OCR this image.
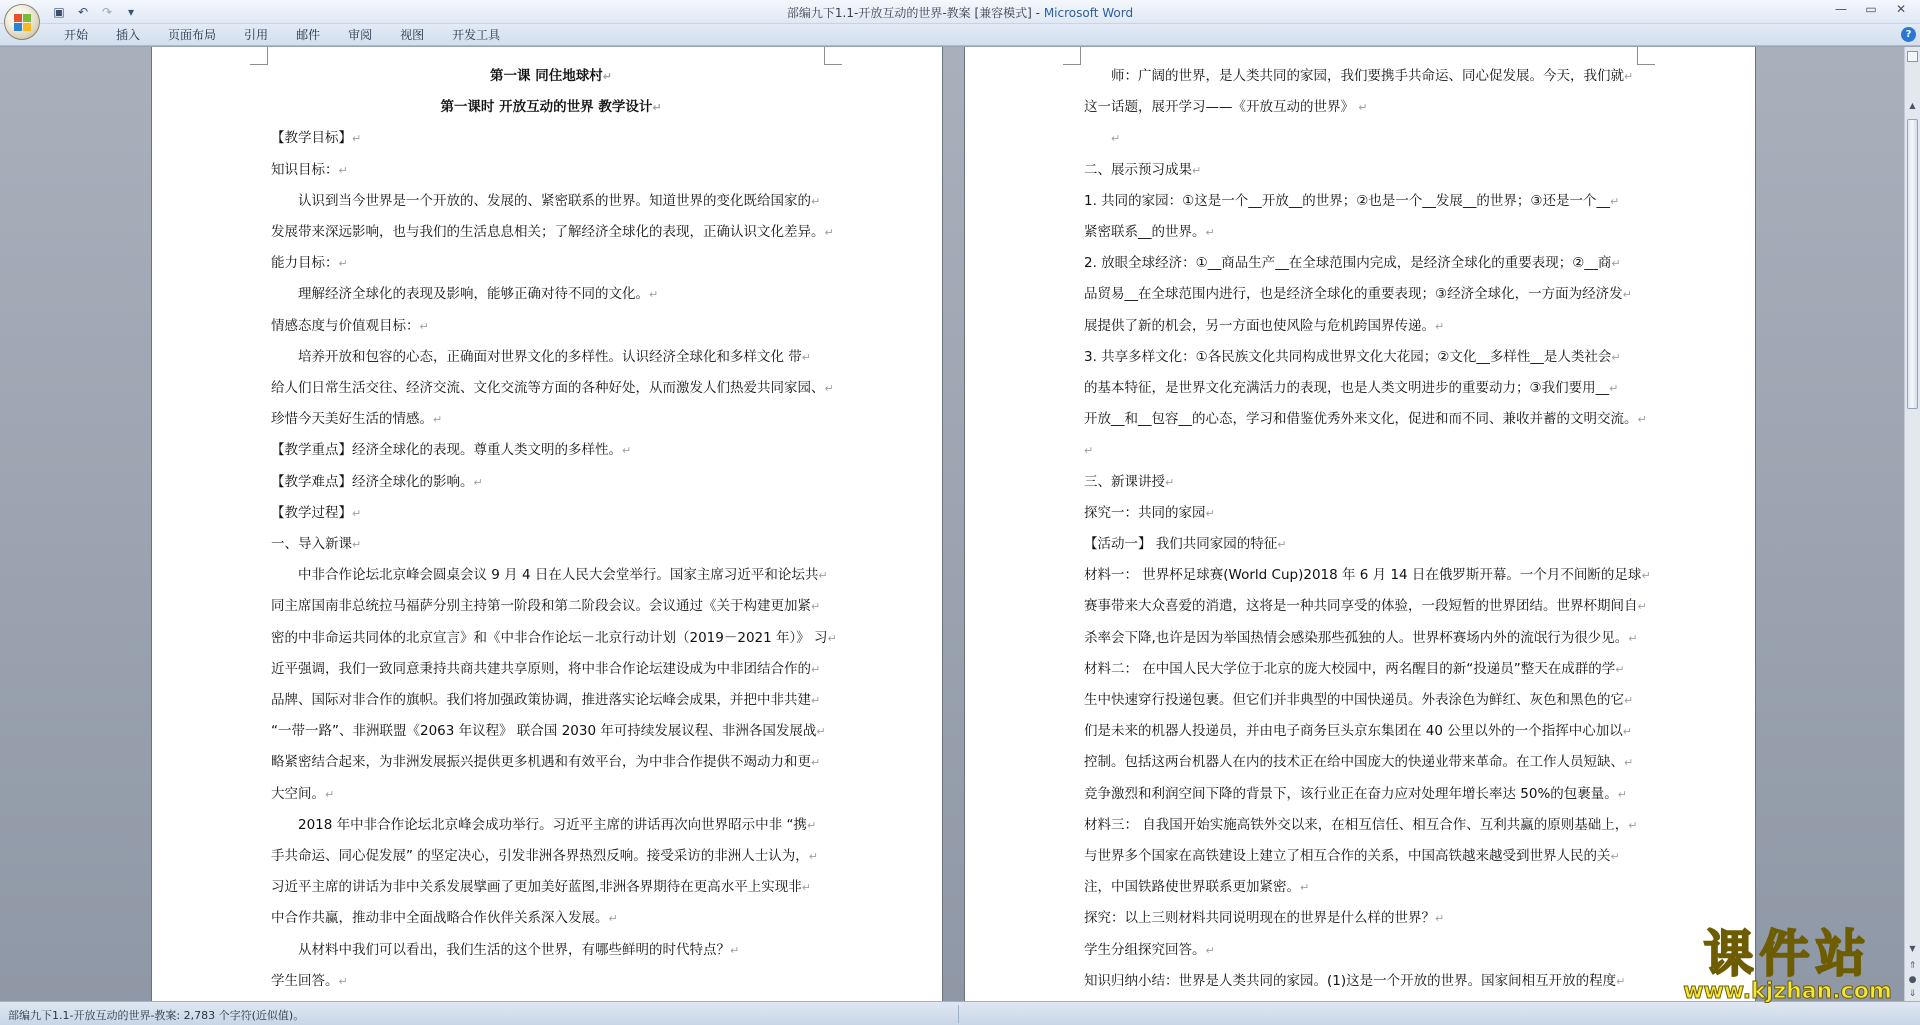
▣	↶	↷	▾	部编九下1.1-开放互动的世界-教案 [兼容模式] - Microsoft Word	—	▭	✕
开始	插入	页面布局	引用	邮件	审阅	视图	开发工具	?

第一课 同住地球村↵

第一课时 开放互动的世界 教学设计↵

【教学目标】↵

知识目标：↵

认识到当今世界是一个开放的、发展的、紧密联系的世界。知道世界的变化既给国家的↵

发展带来深远影响，也与我们的生活息息相关；了解经济全球化的表现，正确认识文化差异。↵

能力目标：↵

理解经济全球化的表现及影响，能够正确对待不同的文化。↵

情感态度与价值观目标：↵

培养开放和包容的心态，正确面对世界文化的多样性。认识经济全球化和多样文化 带↵

给人们日常生活交往、经济交流、文化交流等方面的各种好处，从而激发人们热爱共同家园、↵

珍惜今天美好生活的情感。↵

【教学重点】经济全球化的表现。尊重人类文明的多样性。↵

【教学难点】经济全球化的影响。↵

【教学过程】↵

一、导入新课↵

中非合作论坛北京峰会圆桌会议 9 月 4 日在人民大会堂举行。国家主席习近平和论坛共↵

同主席国南非总统拉马福萨分别主持第一阶段和第二阶段会议。会议通过《关于构建更加紧↵

密的中非命运共同体的北京宣言》和《中非合作论坛－北京行动计划（2019－2021 年）》 习↵

近平强调，我们一致同意秉持共商共建共享原则，将中非合作论坛建设成为中非团结合作的↵

品牌、国际对非合作的旗帜。我们将加强政策协调，推进落实论坛峰会成果，并把中非共建↵

“一带一路”、非洲联盟《2063 年议程》 联合国 2030 年可持续发展议程、非洲各国发展战↵

略紧密结合起来，为非洲发展振兴提供更多机遇和有效平台，为中非合作提供不竭动力和更↵

大空间。↵

2018 年中非合作论坛北京峰会成功举行。习近平主席的讲话再次向世界昭示中非 “携↵

手共命运、同心促发展” 的坚定决心，引发非洲各界热烈反响。接受采访的非洲人士认为，↵

习近平主席的讲话为非中关系发展擘画了更加美好蓝图,非洲各界期待在更高水平上实现非↵

中合作共赢，推动非中全面战略合作伙伴关系深入发展。↵

从材料中我们可以看出，我们生活的这个世界，有哪些鲜明的时代特点？↵

学生回答。↵

师：广阔的世界，是人类共同的家园，我们要携手共命运、同心促发展。今天，我们就↵

这一话题，展开学习——《开放互动的世界》 ↵

↵

二、展示预习成果↵

1. 共同的家园：①这是一个__开放__的世界；②也是一个__发展__的世界；③还是一个__↵

紧密联系__的世界。↵

2. 放眼全球经济：①__商品生产__在全球范围内完成，是经济全球化的重要表现；②__商↵

品贸易__在全球范围内进行，也是经济全球化的重要表现；③经济全球化，一方面为经济发↵

展提供了新的机会，另一方面也使风险与危机跨国界传递。↵

3. 共享多样文化：①各民族文化共同构成世界文化大花园；②文化__多样性__是人类社会↵

的基本特征，是世界文化充满活力的表现，也是人类文明进步的重要动力；③我们要用__↵

开放__和__包容__的心态，学习和借鉴优秀外来文化，促进和而不同、兼收并蓄的文明交流。↵

↵

三、新课讲授↵

探究一：共同的家园↵

【活动一】 我们共同家园的特征↵

材料一： 世界杯足球赛(World Cup)2018 年 6 月 14 日在俄罗斯开幕。一个月不间断的足球↵

赛事带来大众喜爱的消遣，这将是一种共同享受的体验，一段短暂的世界团结。世界杯期间自↵

杀率会下降,也许是因为举国热情会感染那些孤独的人。世界杯赛场内外的流氓行为很少见。↵

材料二： 在中国人民大学位于北京的庞大校园中，两名醒目的新“投递员”整天在成群的学↵

生中快速穿行投递包裹。但它们并非典型的中国快递员。外表涂色为鲜红、灰色和黑色的它↵

们是未来的机器人投递员，并由电子商务巨头京东集团在 40 公里以外的一个指挥中心加以↵

控制。包括这两台机器人在内的技术正在给中国庞大的快递业带来革命。在工作人员短缺、↵

竞争激烈和利润空间下降的背景下，该行业正在奋力应对处理年增长率达 50%的包裹量。↵

材料三： 自我国开始实施高铁外交以来，在相互信任、相互合作、互利共赢的原则基础上，↵

与世界多个国家在高铁建设上建立了相互合作的关系，中国高铁越来越受到世界人民的关↵

注，中国铁路使世界联系更加紧密。↵

探究：以上三则材料共同说明现在的世界是什么样的世界？↵

学生分组探究回答。↵

知识归纳小结：世界是人类共同的家园。(1)这是一个开放的世界。国家间相互开放的程度↵

▲
▼
⇑
●
⇓
部编九下1.1-开放互动的世界-教案: 2,783 个字符(近似值)。
课件站
www.kjzhan.com
